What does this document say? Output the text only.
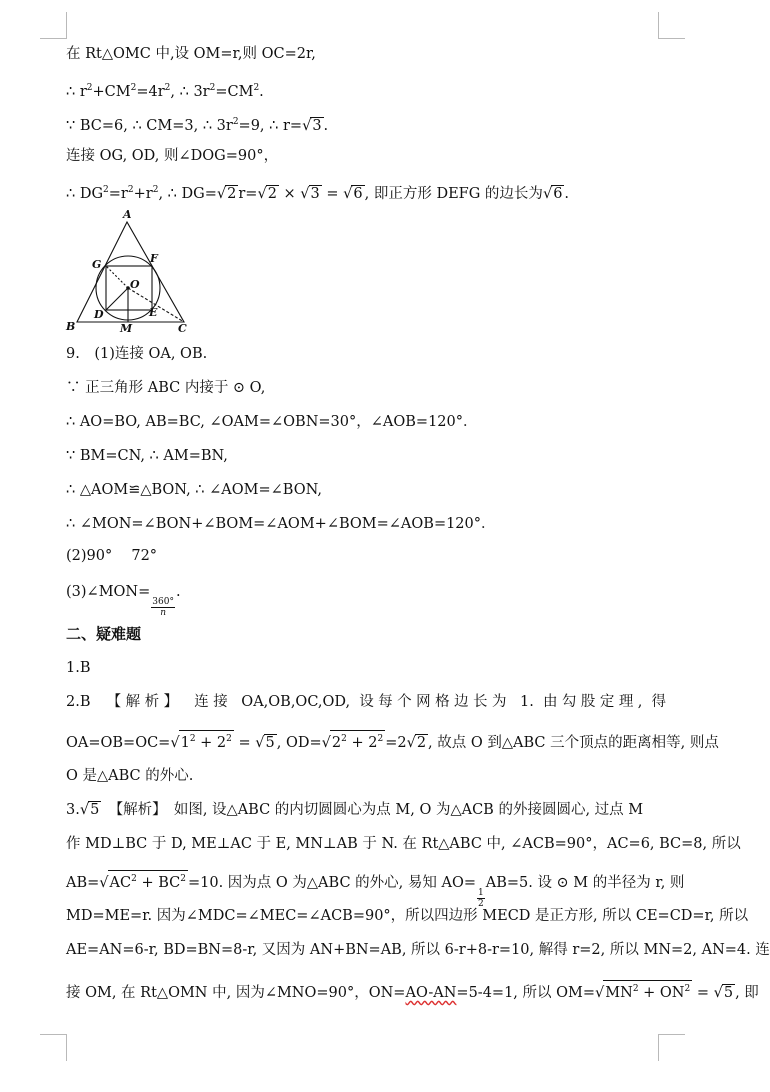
在 Rt△OMC 中,设 OM=r,则 OC=2r,
∴ $r^2+CM^2=4r^2$, ∴ $3r^2=CM^2$.
∵ BC=6, ∴ CM=3, ∴ $3r^2=9$, ∴ r=√3 .
连接 OG, OD, 则∠DOG=90°，
∴ $DG^2=r^2+r^2$, ∴ DG=√2 r=√2 × √3 = √6 , 即正方形 DEFG 的边长为√6 .
A
B	C
D	E
F
G
M
O
9.　(1)连接 OA, OB.
∵ 正三角形 ABC 内接于 ⊙ O,
∴ AO=BO, AB=BC, ∠OAM=∠OBN=30°，∠AOB=120°．
∵ BM=CN, ∴ AM=BN,
∴ △AOM≌△BON, ∴ ∠AOM=∠BON,
∴ ∠MON=∠BON+∠BOM=∠AOM+∠BOM=∠AOB=120°．
(2)90°　 72°
(3)∠MON=
$\frac{360^\circ}{n}$
.
二、疑难题
1.B
2.B　【解析】　连接 OA,OB,OC,OD, 设每个网格边长为 1. 由勾股定理, 得
$OA=OB=OC=√1^2 + 2^2 = √5$ , $OD=√2^2 + 2^2 =2√2$ , 故点 O 到△ABC 三个顶点的距离相等, 则点
O 是△ABC 的外心.
3.√5　【解析】　如图, 设△ABC 的内切圆圆心为点 M, O 为△ACB 的外接圆圆心, 过点 M
作 MD⊥BC 于 D, ME⊥AC 于 E, MN⊥AB 于 N. 在 Rt△ABC 中, ∠ACB=90°，AC=6, BC=8, 所以
$AB=√AC^2 + BC^2 =10$. 因为点 O 为△ABC 的外心, 易知 AO=
$\frac{1}{2}$
AB=5. 设 ⊙ M 的半径为 r, 则
MD=ME=r. 因为∠MDC=∠MEC=∠ACB=90°，所以四边形 MECD 是正方形, 所以 CE=CD=r, 所以
AE=AN=6-r, BD=BN=8-r, 又因为 AN+BN=AB, 所以 6-r+8-r=10, 解得 r=2, 所以 MN=2, AN=4. 连
接 OM, 在 Rt△OMN 中, 因为∠MNO=90°，ON=AO-AN=5-4=1, 所以 $OM=√MN^2 + ON^2 = √5$ , 即
